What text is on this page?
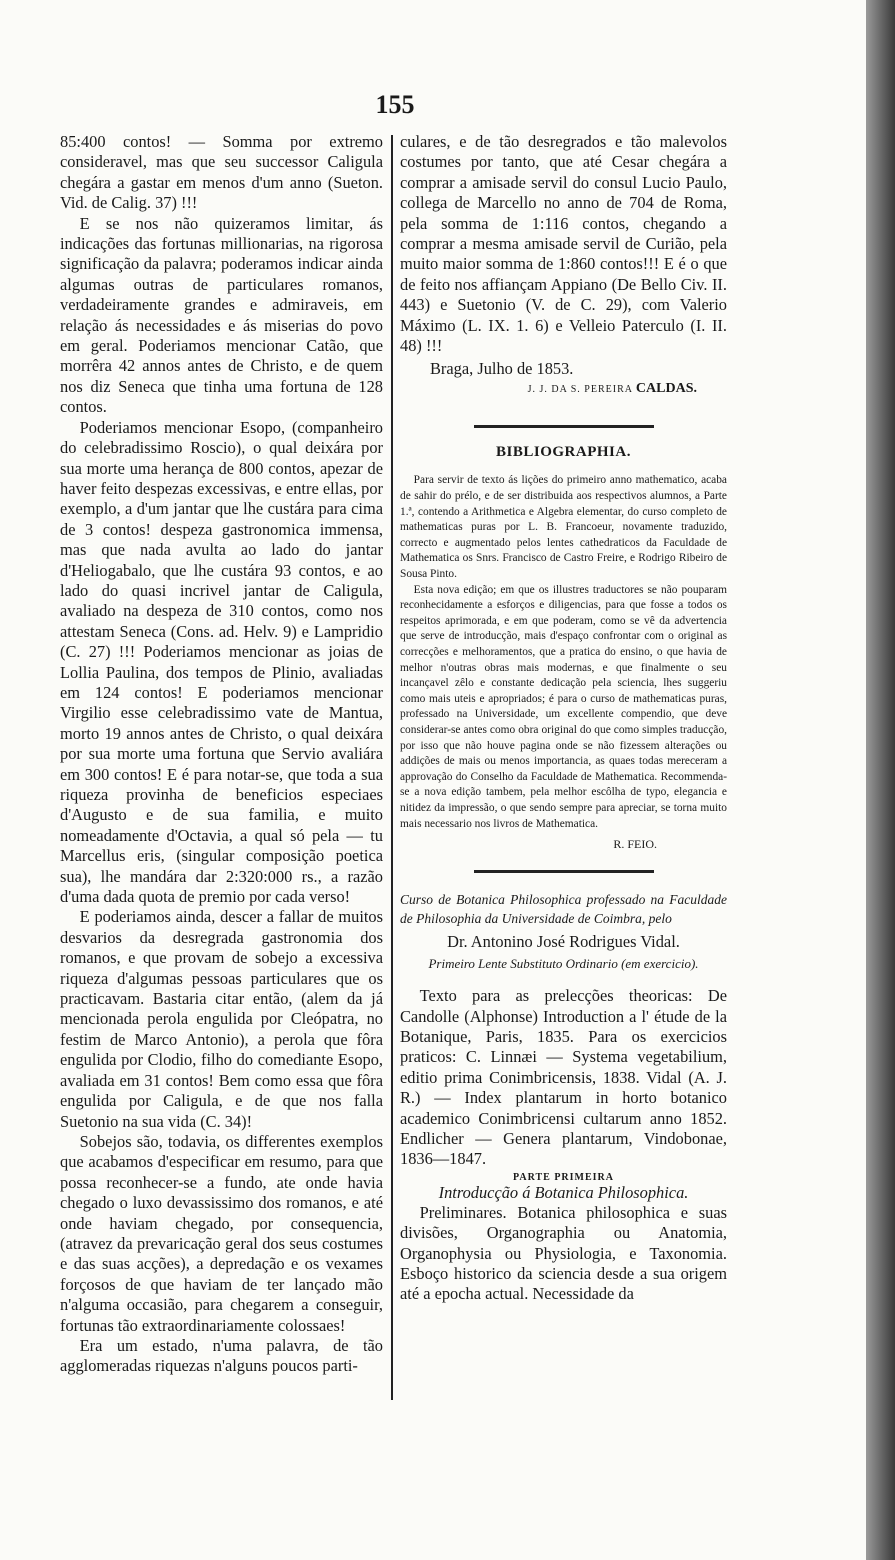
155

85:400 contos! — Somma por extremo consideravel, mas que seu successor Caligula chegára a gastar em menos d'um anno (Sueton. Vid. de Calig. 37) !!!

E se nos não quizeramos limitar, ás indicações das fortunas millionarias, na rigorosa significação da palavra; poderamos indicar ainda algumas outras de particulares romanos, verdadeiramente grandes e admiraveis, em relação ás necessidades e ás miserias do povo em geral. Poderiamos mencionar Catão, que morrêra 42 annos antes de Christo, e de quem nos diz Seneca que tinha uma fortuna de 128 contos.

Poderiamos mencionar Esopo, (companheiro do celebradissimo Roscio), o qual deixára por sua morte uma herança de 800 contos, apezar de haver feito despezas excessivas, e entre ellas, por exemplo, a d'um jantar que lhe custára para cima de 3 contos! despeza gastronomica immensa, mas que nada avulta ao lado do jantar d'Heliogabalo, que lhe custára 93 contos, e ao lado do quasi incrivel jantar de Caligula, avaliado na despeza de 310 contos, como nos attestam Seneca (Cons. ad. Helv. 9) e Lampridio (C. 27) !!! Poderiamos mencionar as joias de Lollia Paulina, dos tempos de Plinio, avaliadas em 124 contos! E poderiamos mencionar Virgilio esse celebradissimo vate de Mantua, morto 19 annos antes de Christo, o qual deixára por sua morte uma fortuna que Servio avaliára em 300 contos! E é para notar-se, que toda a sua riqueza provinha de beneficios especiaes d'Augusto e de sua familia, e muito nomeadamente d'Octavia, a qual só pela — tu Marcellus eris, (singular composição poetica sua), lhe mandára dar 2:320:000 rs., a razão d'uma dada quota de premio por cada verso!

E poderiamos ainda, descer a fallar de muitos desvarios da desregrada gastronomia dos romanos, e que provam de sobejo a excessiva riqueza d'algumas pessoas particulares que os practicavam. Bastaria citar então, (alem da já mencionada perola engulida por Cleópatra, no festim de Marco Antonio), a perola que fôra engulida por Clodio, filho do comediante Esopo, avaliada em 31 contos! Bem como essa que fôra engulida por Caligula, e de que nos falla Suetonio na sua vida (C. 34)!

Sobejos são, todavia, os differentes exemplos que acabamos d'especificar em resumo, para que possa reconhecer-se a fundo, ate onde havia chegado o luxo devassissimo dos romanos, e até onde haviam chegado, por consequencia, (atravez da prevaricação geral dos seus costumes e das suas acções), a depredação e os vexames forçosos de que haviam de ter lançado mão n'alguma occasião, para chegarem a conseguir, fortunas tão extraordinariamente colossaes!

Era um estado, n'uma palavra, de tão agglomeradas riquezas n'alguns poucos parti-

culares, e de tão desregrados e tão malevolos costumes por tanto, que até Cesar chegára a comprar a amisade servil do consul Lucio Paulo, collega de Marcello no anno de 704 de Roma, pela somma de 1:116 contos, chegando a comprar a mesma amisade servil de Curião, pela muito maior somma de 1:860 contos!!! E é o que de feito nos affiançam Appiano (De Bello Civ. II. 443) e Suetonio (V. de C. 29), com Valerio Máximo (L. IX. 1. 6) e Velleio Paterculo (I. II. 48) !!!

Braga, Julho de 1853.
J. J. DA S. PEREIRA CALDAS.
BIBLIOGRAPHIA.

Para servir de texto ás lições do primeiro anno mathematico, acaba de sahir do prélo, e de ser distribuida aos respectivos alumnos, a Parte 1.ª, contendo a Arithmetica e Algebra elementar, do curso completo de mathematicas puras por L. B. Francoeur, novamente traduzido, correcto e augmentado pelos lentes cathedraticos da Faculdade de Mathematica os Snrs. Francisco de Castro Freire, e Rodrigo Ribeiro de Sousa Pinto.

Esta nova edição; em que os illustres traductores se não pouparam reconhecidamente a esforços e diligencias, para que fosse a todos os respeitos aprimorada, e em que poderam, como se vê da advertencia que serve de introducção, mais d'espaço confrontar com o original as correcções e melhoramentos, que a pratica do ensino, o que havia de melhor n'outras obras mais modernas, e que finalmente o seu incançavel zêlo e constante dedicação pela sciencia, lhes suggeriu como mais uteis e apropriados; é para o curso de mathematicas puras, professado na Universidade, um excellente compendio, que deve considerar-se antes como obra original do que como simples traducção, por isso que não houve pagina onde se não fizessem alterações ou addições de mais ou menos importancia, as quaes todas mereceram a approvação do Conselho da Faculdade de Mathematica. Recommenda-se a nova edição tambem, pela melhor escôlha de typo, elegancia e nitidez da impressão, o que sendo sempre para apreciar, se torna muito mais necessario nos livros de Mathematica.

R. FEIO.
Curso de Botanica Philosophica professado na Faculdade de Philosophia da Universidade de Coimbra, pelo
Dr. Antonino José Rodrigues Vidal.
Primeiro Lente Substituto Ordinario (em exercicio).

Texto para as prelecções theoricas: De Candolle (Alphonse) Introduction a l' étude de la Botanique, Paris, 1835. Para os exercicios praticos: C. Linnæi — Systema vegetabilium, editio prima Conimbricensis, 1838. Vidal (A. J. R.) — Index plantarum in horto botanico academico Conimbricensi cultarum anno 1852. Endlicher — Genera plantarum, Vindobonae, 1836—1847.

PARTE PRIMEIRA
Introducção á Botanica Philosophica.

Preliminares. Botanica philosophica e suas divisões, Organographia ou Anatomia, Organophysia ou Physiologia, e Taxonomia. Esboço historico da sciencia desde a sua origem até a epocha actual. Necessidade da
